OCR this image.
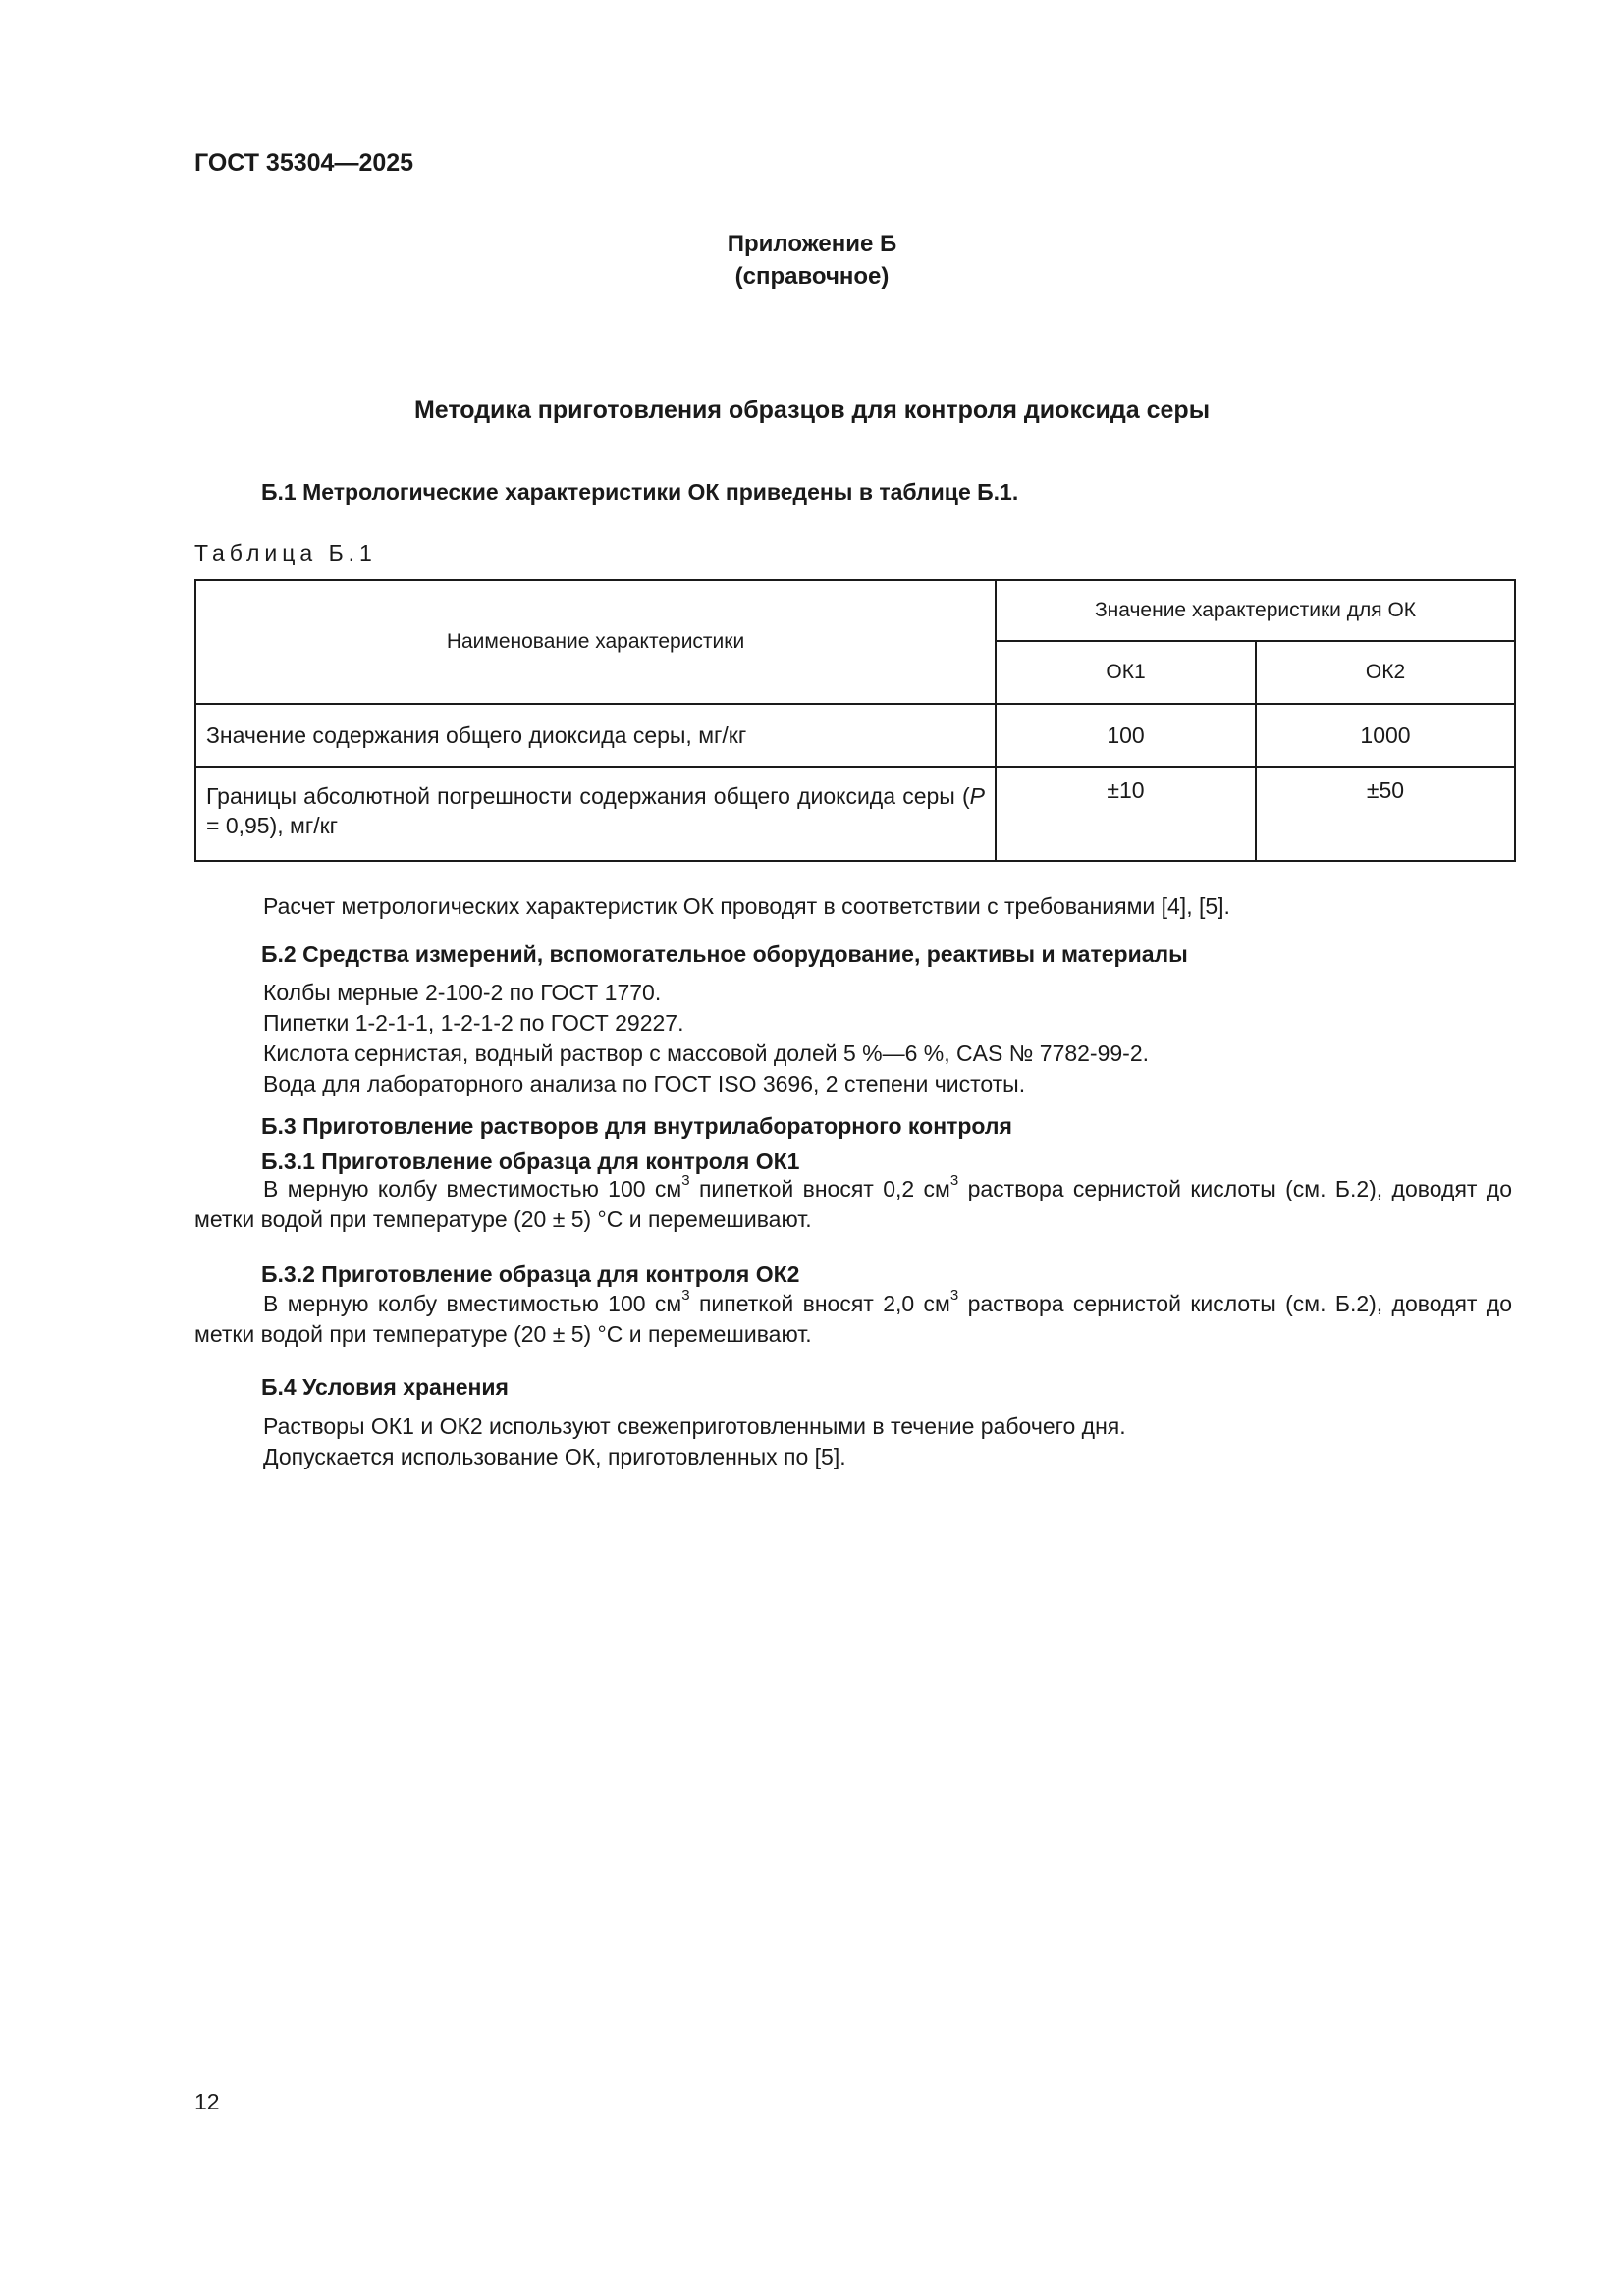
ГОСТ 35304—2025
Приложение Б
(справочное)
Методика приготовления образцов для контроля диоксида серы
Б.1 Метрологические характеристики ОК приведены в таблице Б.1.
Таблица Б.1
Наименование характеристики	Значение характеристики для ОК	
	ОК1	ОК2
Значение содержания общего диоксида серы, мг/кг	100	1000
Границы абсолютной погрешности содержания общего диоксида серы (P = 0,95), мг/кг	±10	±50
Расчет метрологических характеристик ОК проводят в соответствии с требованиями [4], [5].
Б.2 Средства измерений, вспомогательное оборудование, реактивы и материалы
Колбы мерные 2-100-2 по ГОСТ 1770.
Пипетки 1-2-1-1, 1-2-1-2 по ГОСТ 29227.
Кислота сернистая, водный раствор с массовой долей 5 %—6 %, CAS № 7782-99-2.
Вода для лабораторного анализа по ГОСТ ISO 3696, 2 степени чистоты.
Б.3 Приготовление растворов для внутрилабораторного контроля
Б.3.1 Приготовление образца для контроля ОК1
В мерную колбу вместимостью 100 $см^3$ пипеткой вносят 0,2 $см^3$ раствора сернистой кислоты (см. Б.2), доводят до метки водой при температуре (20 ± 5) °С и перемешивают.
Б.3.2 Приготовление образца для контроля ОК2
В мерную колбу вместимостью 100 $см^3$ пипеткой вносят 2,0 $см^3$ раствора сернистой кислоты (см. Б.2), доводят до метки водой при температуре (20 ± 5) °С и перемешивают.
Б.4 Условия хранения
Растворы ОК1 и ОК2 используют свежеприготовленными в течение рабочего дня.
Допускается использование ОК, приготовленных по [5].
12
